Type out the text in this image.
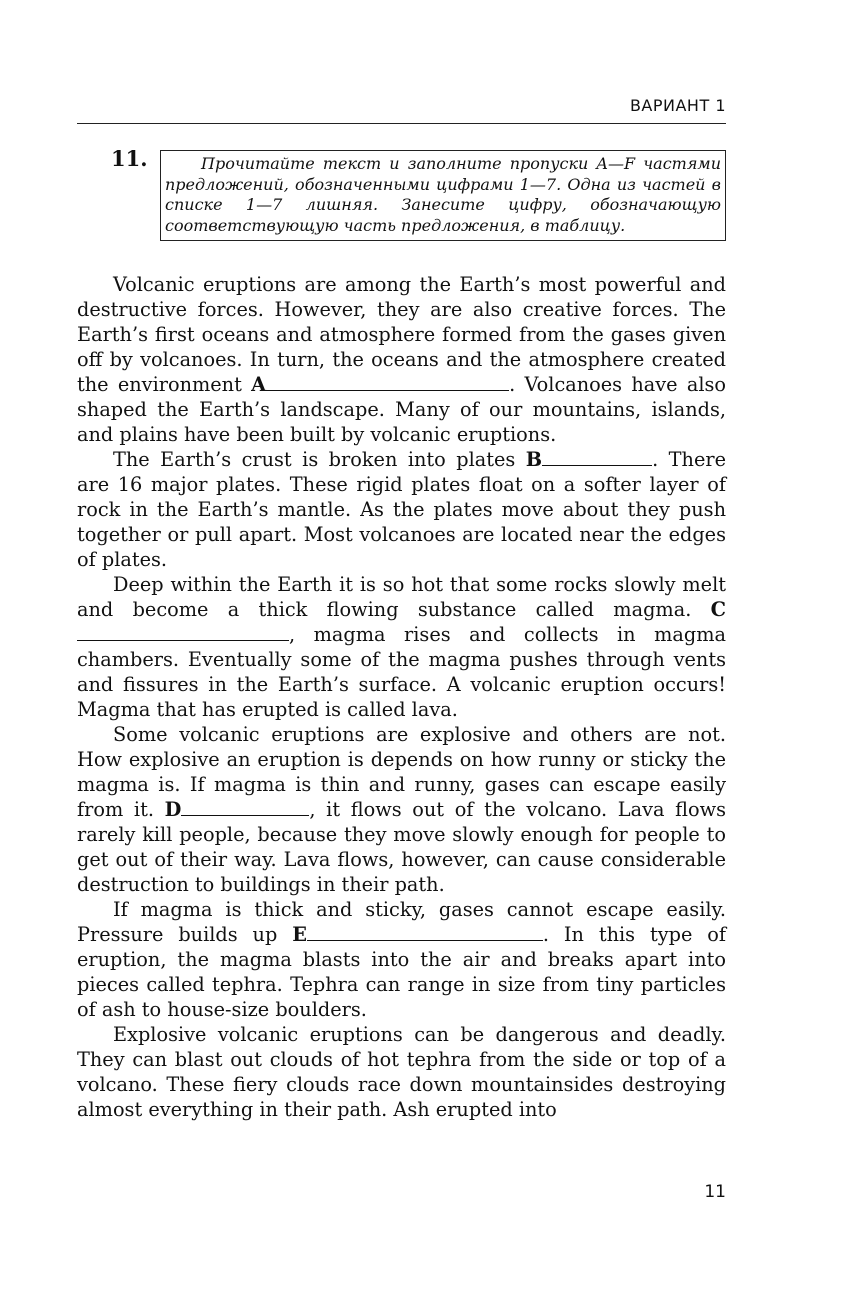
ВАРИАНТ 1
11.	Прочитайте текст и заполните пропуски A—F частями предложений, обозначенными цифрами 1—7. Одна из частей в списке 1—7 лишняя. Занесите цифру, обозначающую соответствующую часть предложения, в таблицу.

Volcanic eruptions are among the Earth’s most powerful and destructive forces. However, they are also creative forces. The Earth’s first oceans and atmosphere formed from the gases given off by volcanoes. In turn, the oceans and the atmosphere created the environment A	. Volcanoes have also shaped the Earth’s landscape. Many of our mountains, islands, and plains have been built by volcanic eruptions.

The Earth’s crust is broken into plates B	. There are 16 major plates. These rigid plates float on a softer layer of rock in the Earth’s mantle. As the plates move about they push together or pull apart. Most volcanoes are located near the edges of plates.

Deep within the Earth it is so hot that some rocks slowly melt and become a thick flowing substance called magma. C, magma rises and collects in magma chambers. Eventually some of the magma pushes through vents and fissures in the Earth’s surface. A volcanic eruption occurs! Magma that has erupted is called lava.

Some volcanic eruptions are explosive and others are not. How explosive an eruption is depends on how runny or sticky the magma is. If magma is thin and runny, gases can escape easily from it. D	, it flows out of the volcano. Lava flows rarely kill people, because they move slowly enough for people to get out of their way. Lava flows, however, can cause considerable destruction to buildings in their path.

If magma is thick and sticky, gases cannot escape easily. Pressure builds up E	. In this type of eruption, the magma blasts into the air and breaks apart into pieces called tephra. Tephra can range in size from tiny particles of ash to house-size boulders.

Explosive volcanic eruptions can be dangerous and deadly. They can blast out clouds of hot tephra from the side or top of a volcano. These fiery clouds race down mountainsides destroying almost everything in their path. Ash erupted into

11
